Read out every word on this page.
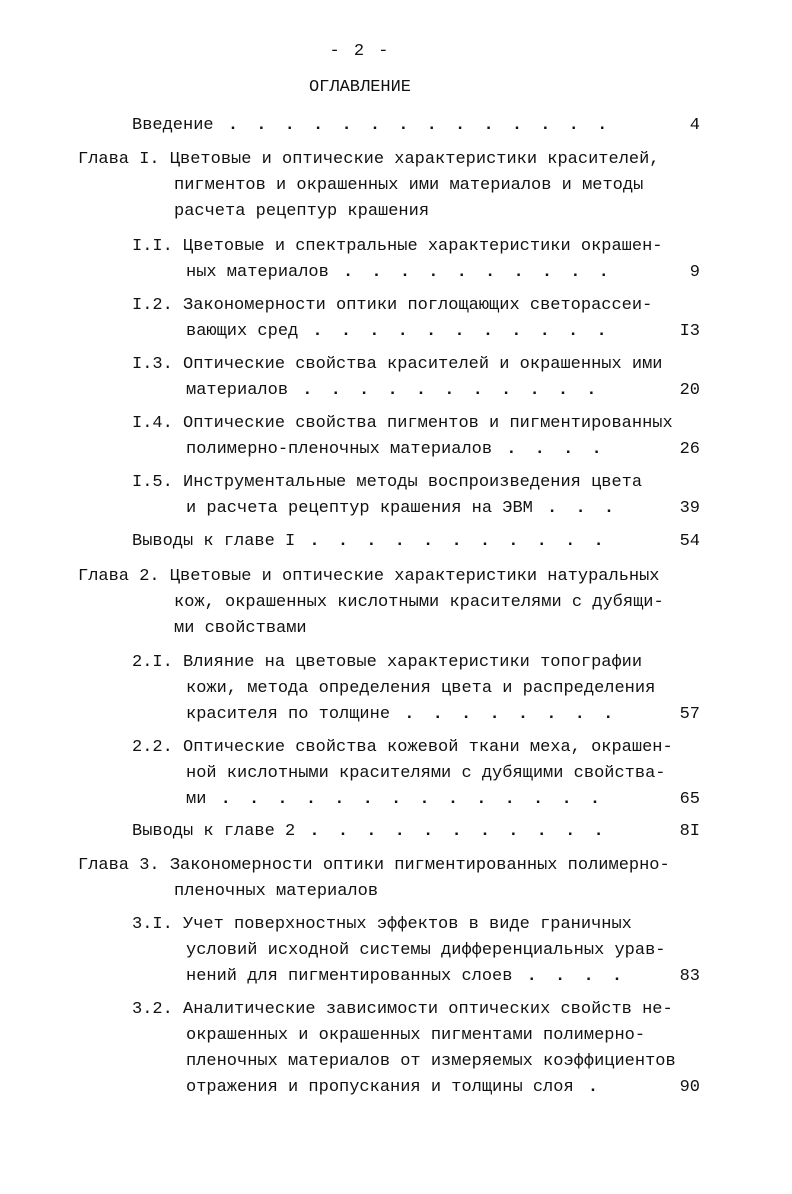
- 2 -
ОГЛАВЛЕНИЕ
Введение . . . . . . . . . . . . . .	4
Глава I. Цветовые и оптические характеристики красителей,
пигментов и окрашенных ими материалов и методы
расчета рецептур крашения
I.I. Цветовые и спектральные характеристики окрашен-
ных материалов . . . . . . . . . .	9
I.2. Закономерности оптики поглощающих светорассеи-
вающих сред . . . . . . . . . . .	I3
I.3. Оптические свойства красителей и окрашенных ими
материалов . . . . . . . . . . .	20
I.4. Оптические свойства пигментов и пигментированных
полимерно-пленочных материалов . . . .	26
I.5. Инструментальные методы воспроизведения цвета
и расчета рецептур крашения на ЭВМ . . .	39
Выводы к главе I . . . . . . . . . . .	54
Глава 2. Цветовые и оптические характеристики натуральных
кож, окрашенных кислотными красителями с дубящи-
ми свойствами
2.I. Влияние на цветовые характеристики топографии
кожи, метода определения цвета и распределения
красителя по толщине . . . . . . . .	57
2.2. Оптические свойства кожевой ткани меха, окрашен-
ной кислотными красителями с дубящими свойства-
ми . . . . . . . . . . . . . .	65
Выводы к главе 2 . . . . . . . . . . .	8I
Глава 3. Закономерности оптики пигментированных полимерно-
пленочных материалов
3.I. Учет поверхностных эффектов в виде граничных
условий исходной системы дифференциальных урав-
нений для пигментированных слоев . . . .	83
3.2. Аналитические зависимости оптических свойств не-
окрашенных и окрашенных пигментами полимерно-
пленочных материалов от измеряемых коэффициентов
отражения и пропускания и толщины слоя .	90
